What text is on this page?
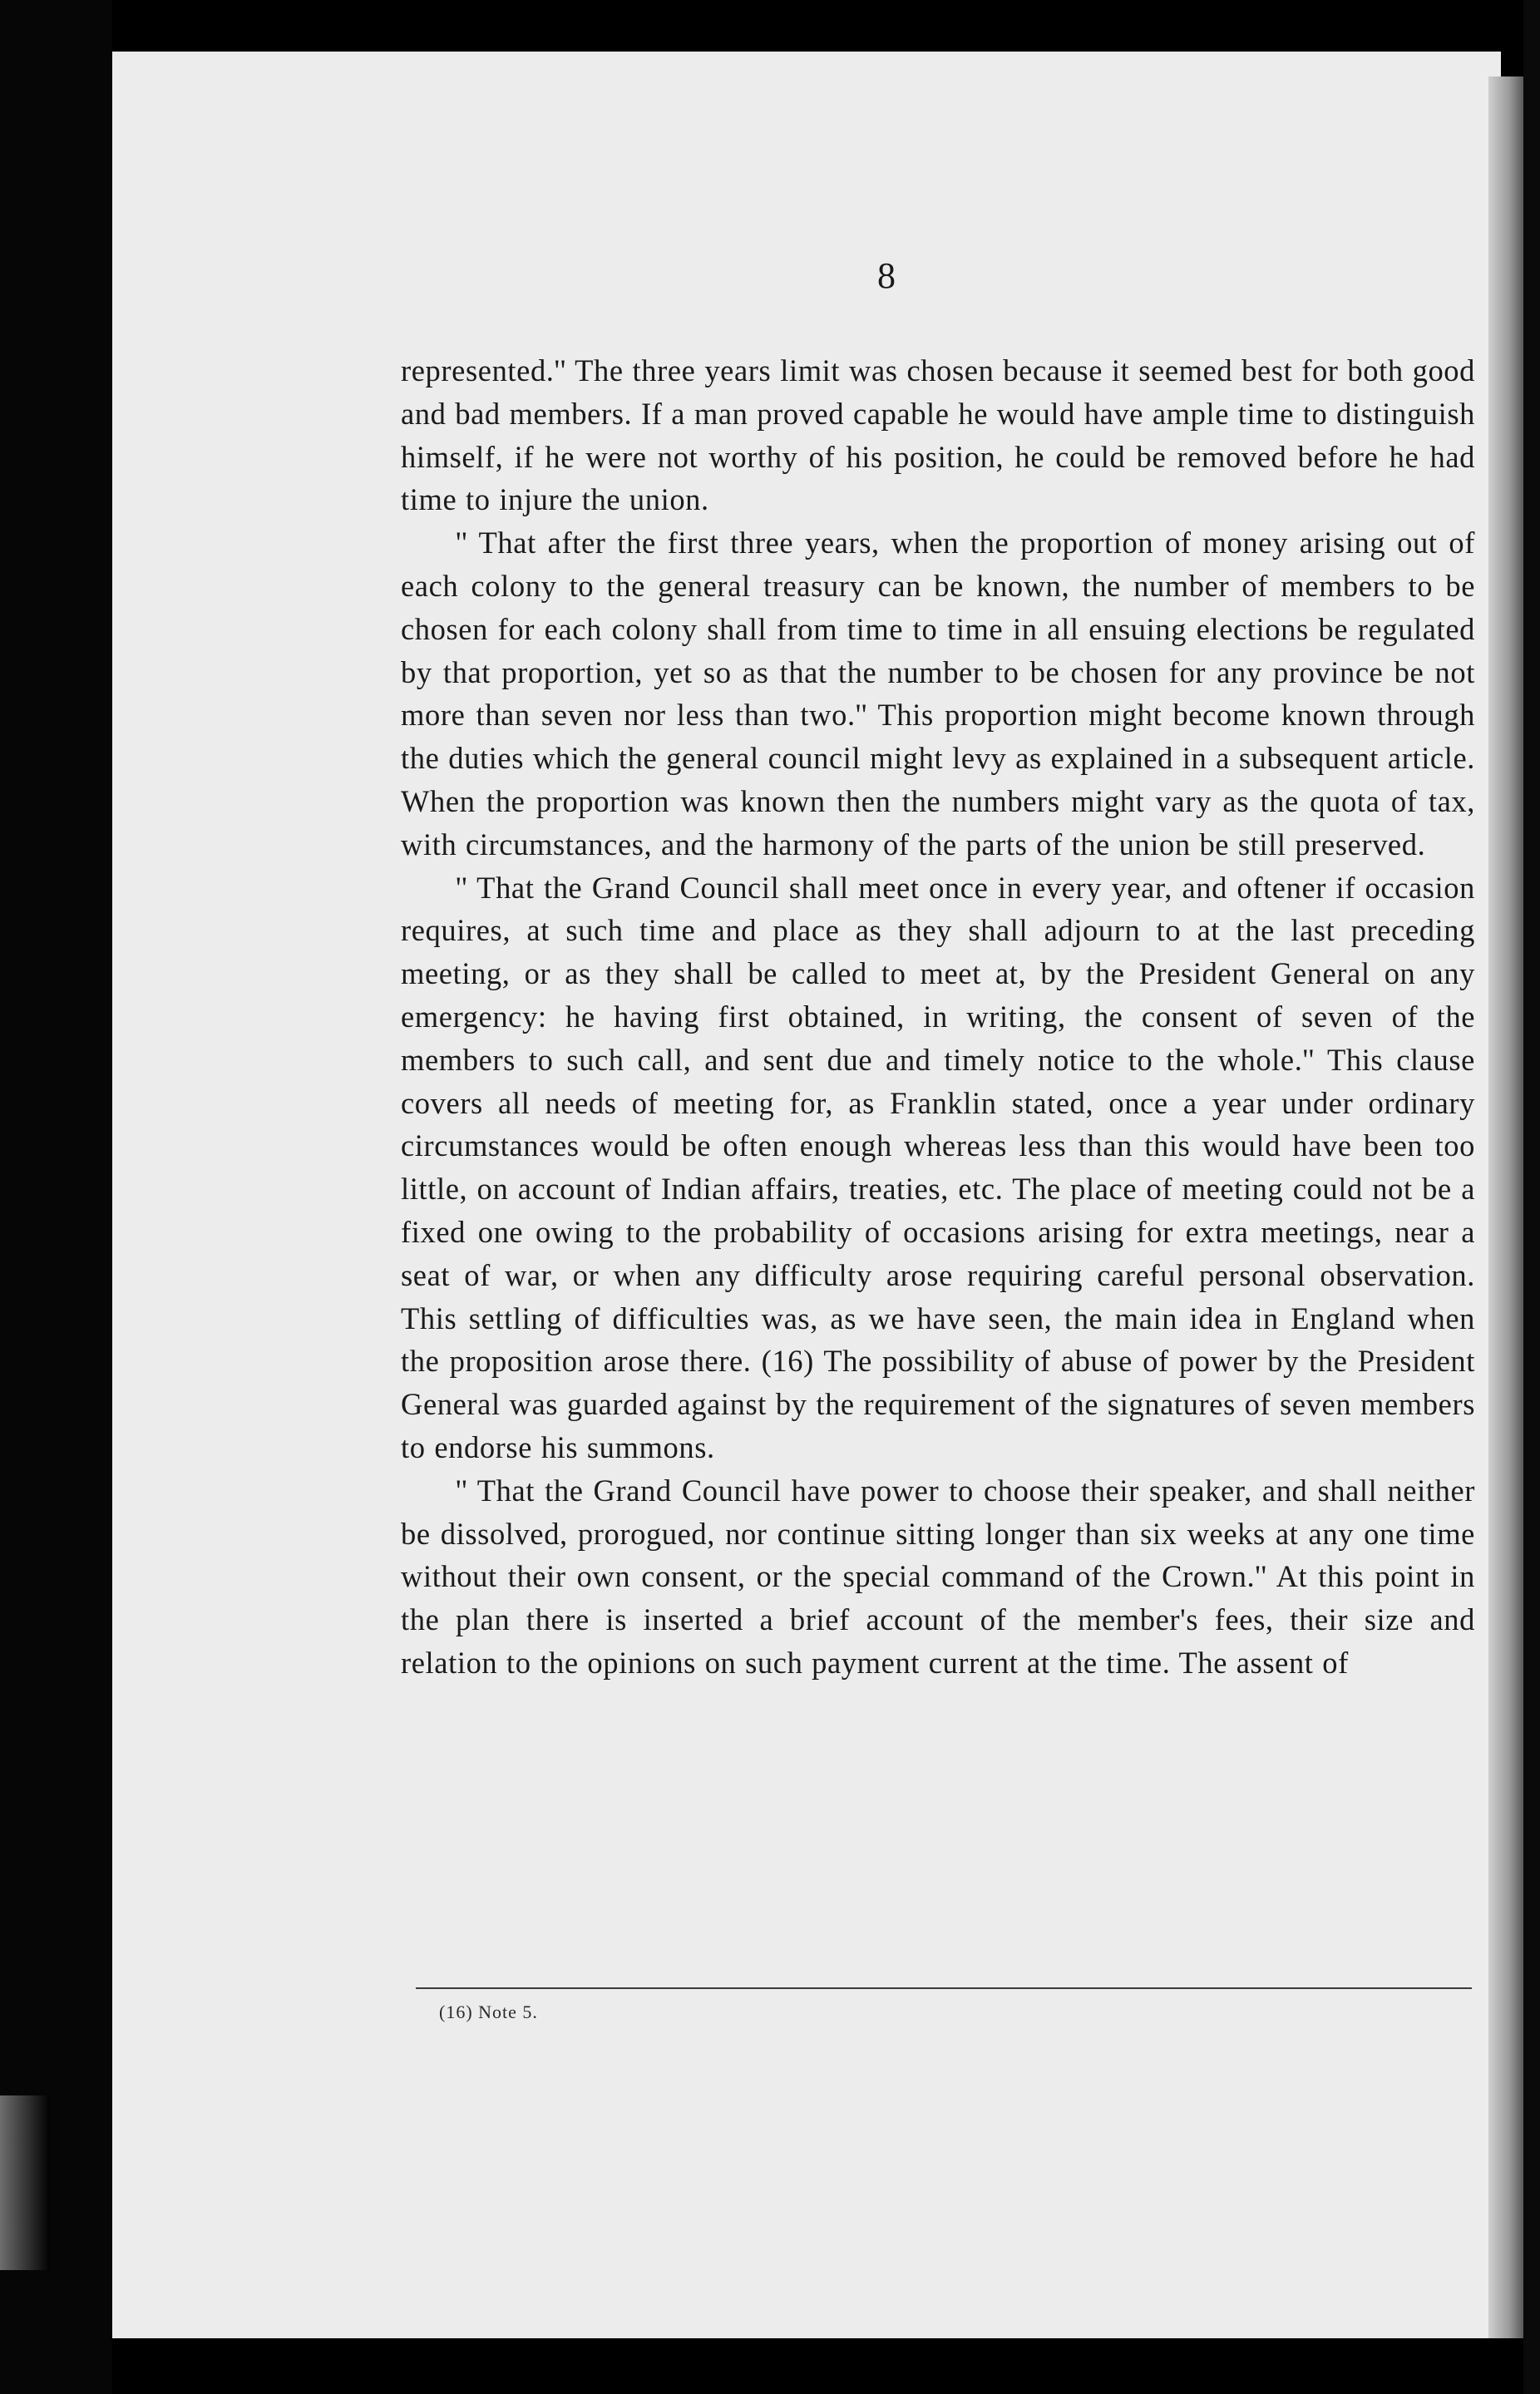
8

represented.'' The three years limit was chosen because it seemed best for both good and bad members. If a man proved capable he would have ample time to distinguish himself, if he were not worthy of his position, he could be removed before he had time to injure the union.

'' That after the first three years, when the proportion of money arising out of each colony to the general treasury can be known, the number of members to be chosen for each colony shall from time to time in all ensuing elections be regulated by that proportion, yet so as that the number to be chosen for any province be not more than seven nor less than two.'' This proportion might become known through the duties which the general council might levy as explained in a subsequent article. When the proportion was known then the numbers might vary as the quota of tax, with circumstances, and the harmony of the parts of the union be still preserved.

'' That the Grand Council shall meet once in every year, and oftener if occasion requires, at such time and place as they shall adjourn to at the last preceding meeting, or as they shall be called to meet at, by the President General on any emergency: he having first obtained, in writing, the consent of seven of the members to such call, and sent due and timely notice to the whole.'' This clause covers all needs of meeting for, as Franklin stated, once a year under ordinary circumstances would be often enough whereas less than this would have been too little, on account of Indian affairs, treaties, etc. The place of meeting could not be a fixed one owing to the probability of occasions arising for extra meetings, near a seat of war, or when any difficulty arose requiring careful personal observation. This settling of difficulties was, as we have seen, the main idea in England when the proposition arose there. (16) The possibility of abuse of power by the President General was guarded against by the requirement of the signatures of seven members to endorse his summons.

'' That the Grand Council have power to choose their speaker, and shall neither be dissolved, prorogued, nor continue sitting longer than six weeks at any one time without their own consent, or the special command of the Crown.'' At this point in the plan there is inserted a brief account of the member's fees, their size and relation to the opinions on such payment current at the time. The assent of

(16) Note 5.
